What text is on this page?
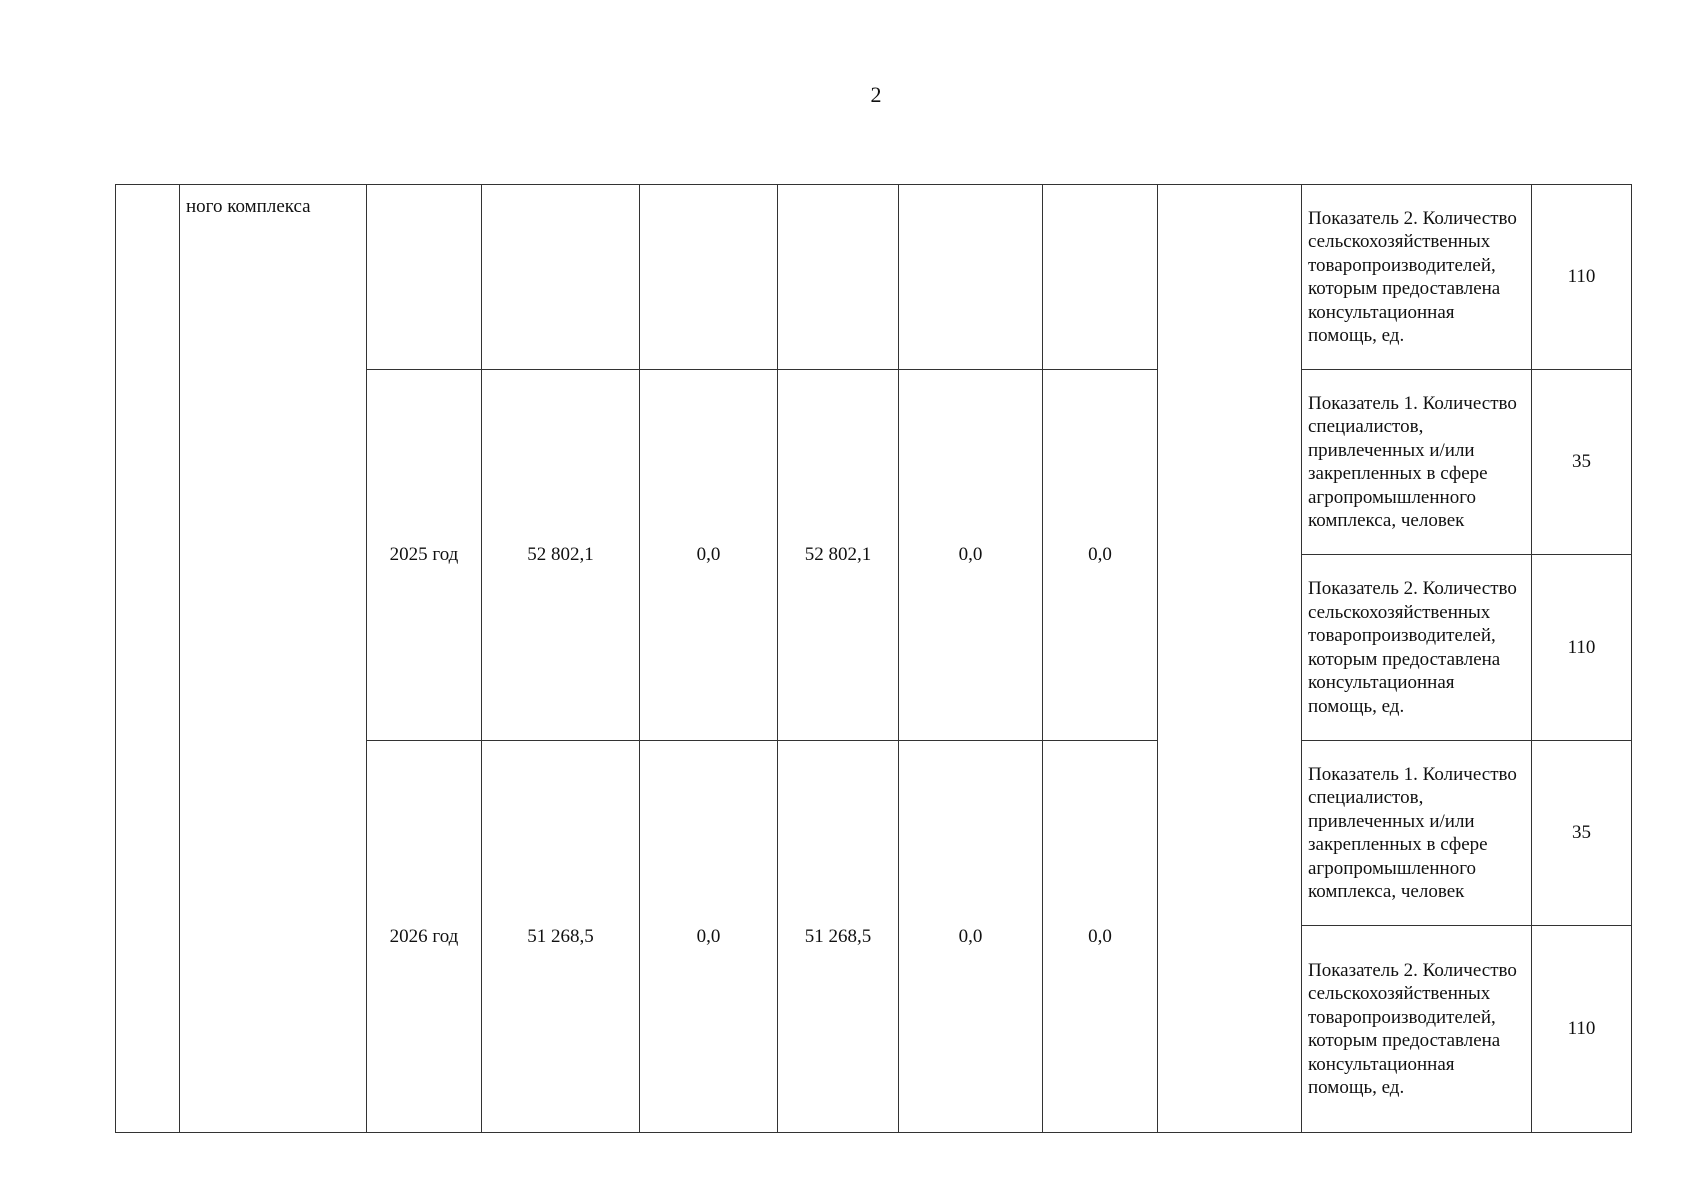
2
	ного комплекса								Показатель 2. Количество сельскохозяйственных товаропроизводителей, которым предоставлена консультационная помощь, ед.	110
		2025 год	52 802,1	0,0	52 802,1	0,0	0,0		Показатель 1. Количество специалистов, привлеченных и/или закрепленных в сфере агропромышленного комплекса, человек	35

									Показатель 2. Количество сельскохозяйственных товаропроизводителей, которым предоставлена консультационная помощь, ед.	110
		2026 год	51 268,5	0,0	51 268,5	0,0	0,0		Показатель 1. Количество специалистов, привлеченных и/или закрепленных в сфере агропромышленного комплекса, человек	35

									Показатель 2. Количество сельскохозяйственных товаропроизводителей, которым предоставлена консультационная помощь, ед.	110
